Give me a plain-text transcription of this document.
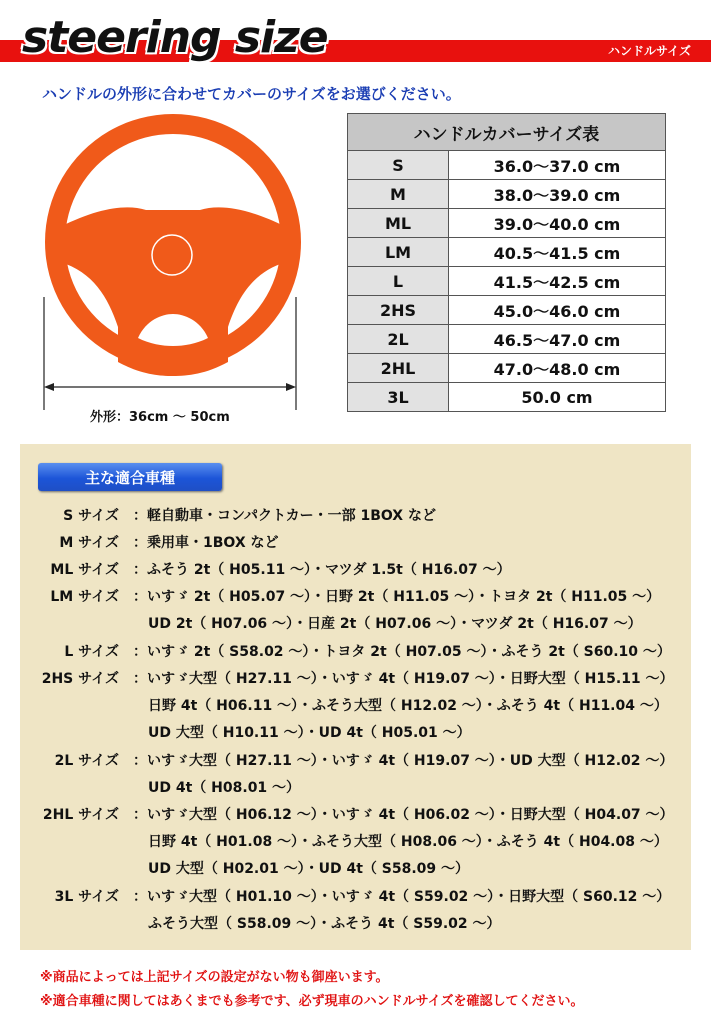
steering size	ハンドルサイズ
ハンドルの外形に合わせてカバーのサイズをお選びください。
外形：36cm ～ 50cm
ハンドルカバーサイズ表	
S	36.0～37.0 cm
M	38.0～39.0 cm
ML	39.0～40.0 cm
LM	40.5～41.5 cm
L	41.5～42.5 cm
2HS	45.0～46.0 cm
2L	46.5～47.0 cm
2HL	47.0～48.0 cm
3L	50.0 cm
主な適合車種
S サイズ ：軽自動車・コンパクトカー・一部 1BOX など
M サイズ ：乗用車・1BOX など
ML サイズ ：ふそう 2t（ H05.11 ～）・マツダ 1.5t（ H16.07 ～）
LM サイズ ：いすゞ 2t（ H05.07 ～）・日野 2t（ H11.05 ～）・トヨタ 2t（ H11.05 ～）
UD 2t（ H07.06 ～）・日産 2t（ H07.06 ～）・マツダ 2t（ H16.07 ～）
L サイズ ：いすゞ 2t（ S58.02 ～）・トヨタ 2t（ H07.05 ～）・ふそう 2t（ S60.10 ～）
2HS サイズ ：いすゞ大型（ H27.11 ～）・いすゞ 4t（ H19.07 ～）・日野大型（ H15.11 ～）
日野 4t（ H06.11 ～）・ふそう大型（ H12.02 ～）・ふそう 4t（ H11.04 ～）
UD 大型（ H10.11 ～）・UD 4t（ H05.01 ～）
2L サイズ ：いすゞ大型（ H27.11 ～）・いすゞ 4t（ H19.07 ～）・UD 大型（ H12.02 ～）
UD 4t（ H08.01 ～）
2HL サイズ ：いすゞ大型（ H06.12 ～）・いすゞ 4t（ H06.02 ～）・日野大型（ H04.07 ～）
日野 4t（ H01.08 ～）・ふそう大型（ H08.06 ～）・ふそう 4t（ H04.08 ～）
UD 大型（ H02.01 ～）・UD 4t（ S58.09 ～）
3L サイズ ：いすゞ大型（ H01.10 ～）・いすゞ 4t（ S59.02 ～）・日野大型（ S60.12 ～）
ふそう大型（ S58.09 ～）・ふそう 4t（ S59.02 ～）
※商品によっては上記サイズの設定がない物も御座います。
※適合車種に関してはあくまでも参考です、必ず現車のハンドルサイズを確認してください。
